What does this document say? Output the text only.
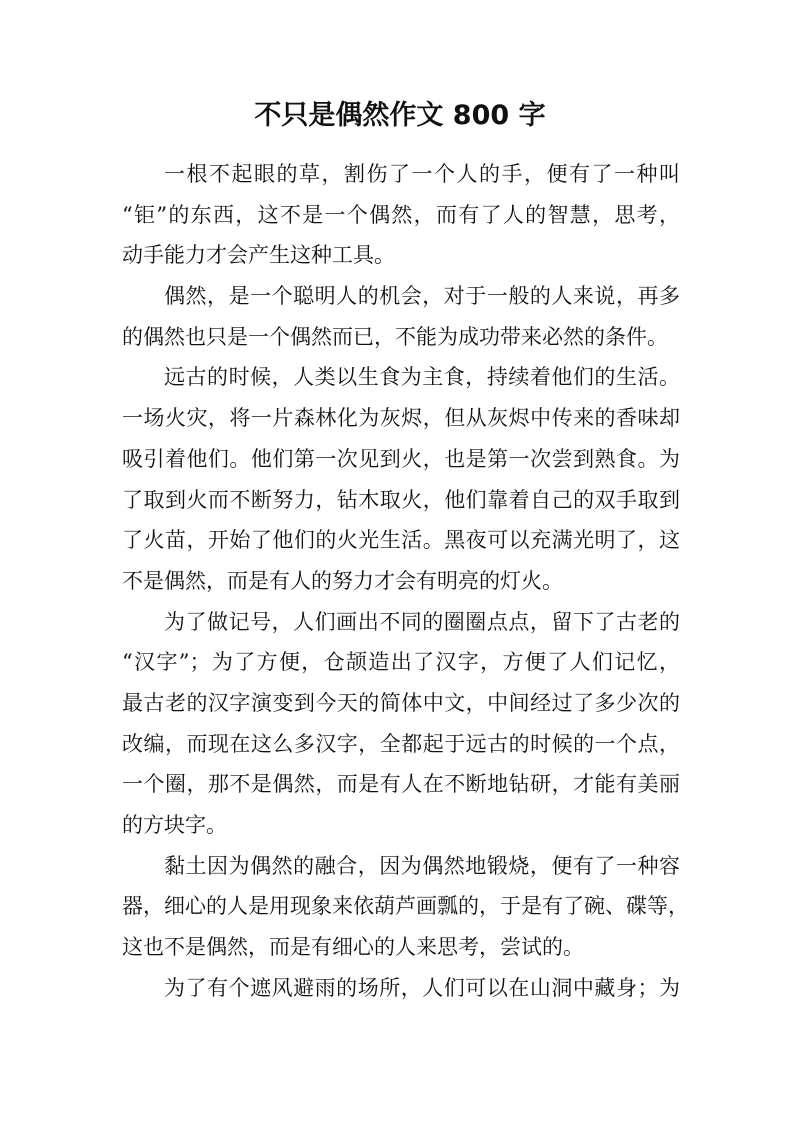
不只是偶然作文 800 字
一根不起眼的草，割伤了一个人的手，便有了一种叫
“钜”的东西，这不是一个偶然，而有了人的智慧，思考，
动手能力才会产生这种工具。
偶然，是一个聪明人的机会，对于一般的人来说，再多
的偶然也只是一个偶然而已，不能为成功带来必然的条件。
远古的时候，人类以生食为主食，持续着他们的生活。
一场火灾，将一片森林化为灰烬，但从灰烬中传来的香味却
吸引着他们。他们第一次见到火，也是第一次尝到熟食。为
了取到火而不断努力，钻木取火，他们靠着自己的双手取到
了火苗，开始了他们的火光生活。黑夜可以充满光明了，这
不是偶然，而是有人的努力才会有明亮的灯火。
为了做记号，人们画出不同的圈圈点点，留下了古老的
“汉字”；为了方便，仓颉造出了汉字，方便了人们记忆，
最古老的汉字演变到今天的简体中文，中间经过了多少次的
改编，而现在这么多汉字，全都起于远古的时候的一个点，
一个圈，那不是偶然，而是有人在不断地钻研，才能有美丽
的方块字。
黏土因为偶然的融合，因为偶然地锻烧，便有了一种容
器，细心的人是用现象来依葫芦画瓢的，于是有了碗、碟等，
这也不是偶然，而是有细心的人来思考，尝试的。
为了有个遮风避雨的场所，人们可以在山洞中藏身；为
